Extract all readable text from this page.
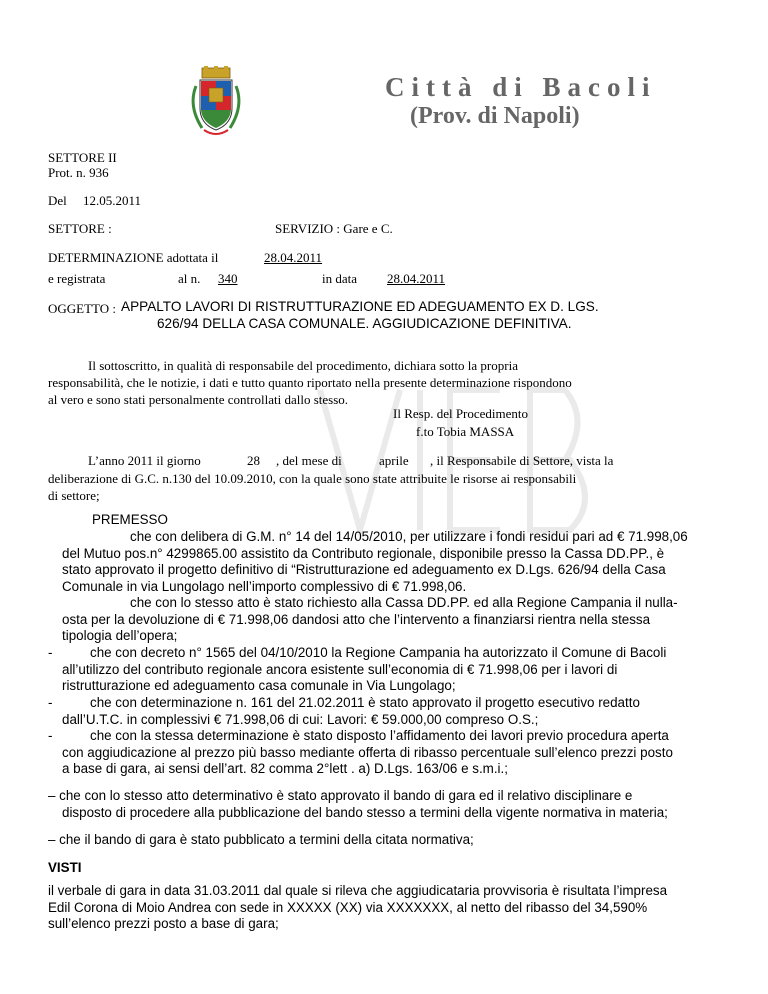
Città di Bacoli
(Prov. di Napoli)
SETTORE II
Prot. n. 936
Del 12.05.2011
SETTORE :	SERVIZIO : Gare e C.
DETERMINAZIONE adottata il	28.04.2011
e registrata	al n.	340	in data	28.04.2011
OGGETTO : APPALTO LAVORI DI RISTRUTTURAZIONE ED ADEGUAMENTO EX D. LGS.
626/94 DELLA CASA COMUNALE. AGGIUDICAZIONE DEFINITIVA.
Il sottoscritto, in qualità di responsabile del procedimento, dichiara sotto la propria
responsabilità, che le notizie, i dati e tutto quanto riportato nella presente determinazione rispondono
al vero e sono stati personalmente controllati dallo stesso.
Il Resp. del Procedimento
f.to Tobia MASSA
L’anno 2011 il giorno	28 , del mese di	aprile , il Responsabile di Settore, vista la
deliberazione di G.C. n.130 del 10.09.2010, con la quale sono state attribuite le risorse ai responsabili
di settore;
PREMESSO
che con delibera di G.M. n° 14 del 14/05/2010, per utilizzare i fondi residui pari ad € 71.998,06
del Mutuo pos.n° 4299865.00 assistito da Contributo regionale, disponibile presso la Cassa DD.PP., è
stato approvato il progetto definitivo di “Ristrutturazione ed adeguamento ex D.Lgs. 626/94 della Casa
Comunale in via Lungolago nell’importo complessivo di € 71.998,06.
che con lo stesso atto è stato richiesto alla Cassa DD.PP. ed alla Regione Campania il nulla-
osta per la devoluzione di € 71.998,06 dandosi atto che l’intervento a finanziarsi rientra nella stessa
tipologia dell’opera;
-	che con decreto n° 1565 del 04/10/2010 la Regione Campania ha autorizzato il Comune di Bacoli
all’utilizzo del contributo regionale ancora esistente sull’economia di € 71.998,06 per i lavori di
ristrutturazione ed adeguamento casa comunale in Via Lungolago;
-	che con determinazione n. 161 del 21.02.2011 è stato approvato il progetto esecutivo redatto
dall’U.T.C. in complessivi € 71.998,06 di cui: Lavori: € 59.000,00 compreso O.S.;
-	che con la stessa determinazione è stato disposto l’affidamento dei lavori previo procedura aperta
con aggiudicazione al prezzo più basso mediante offerta di ribasso percentuale sull’elenco prezzi posto
a base di gara, ai sensi dell’art. 82 comma 2°lett . a) D.Lgs. 163/06 e s.m.i.;
– che con lo stesso atto determinativo è stato approvato il bando di gara ed il relativo disciplinare e
disposto di procedere alla pubblicazione del bando stesso a termini della vigente normativa in materia;
– che il bando di gara è stato pubblicato a termini della citata normativa;
VISTI
il verbale di gara in data 31.03.2011 dal quale si rileva che aggiudicataria provvisoria è risultata l’impresa
Edil Corona di Moio Andrea con sede in XXXXX (XX) via XXXXXXX, al netto del ribasso del 34,590%
sull’elenco prezzi posto a base di gara;
